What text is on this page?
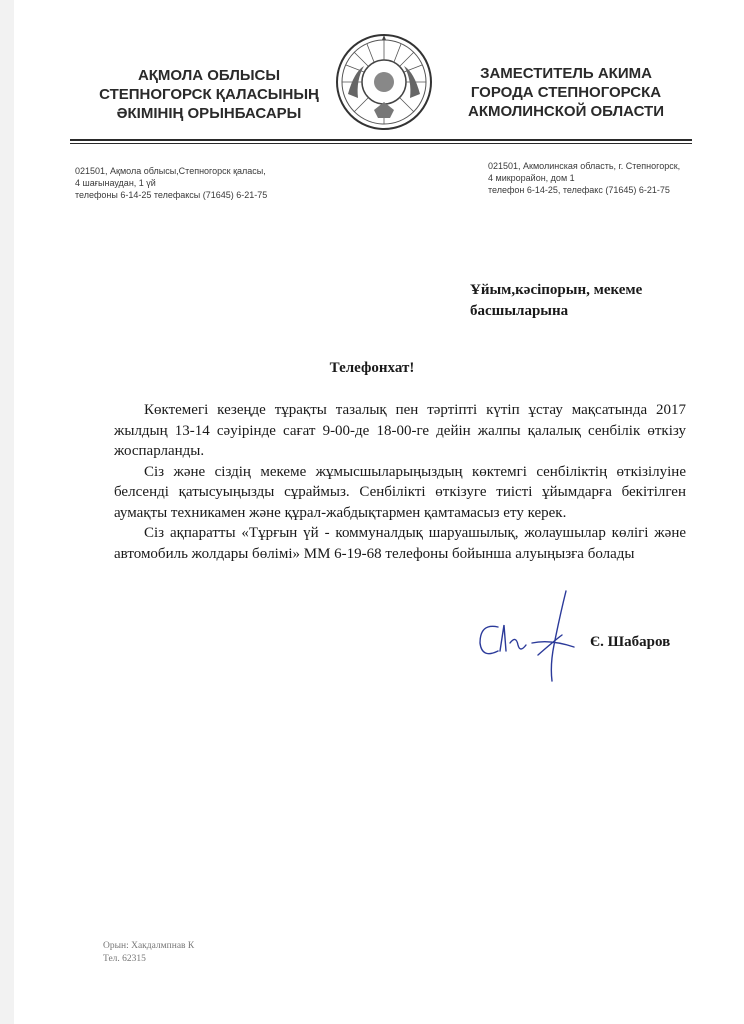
АҚМОЛА ОБЛЫСЫ
СТЕПНОГОРСК ҚАЛАСЫНЫҢ
ӘКІМІНІҢ ОРЫНБАСАРЫ
ЗАМЕСТИТЕЛЬ АКИМА
ГОРОДА СТЕПНОГОРСКА
АКМОЛИНСКОЙ ОБЛАСТИ
021501, Ақмола облысы,Степногорск қаласы,
4 шағынаудан, 1 үй
телефоны 6-14-25 телефаксы (71645) 6-21-75
021501, Акмолинская область, г. Степногорск,
4 микрорайон, дом 1
телефон 6-14-25, телефакс (71645) 6-21-75
Ұйым,кәсіпорын, мекеме
басшыларына
Телефонхат!

Көктемегі кезеңде тұрақты тазалық пен тәртіпті күтіп ұстау мақсатында 2017 жылдың 13-14 сәуірінде сағат 9-00-де 18-00-ге дейін жалпы қалалық сенбілік өткізу жоспарланды.

Сіз және сіздің мекеме жұмысшыларыңыздың көктемгі сенбіліктің өткізілуіне белсенді қатысуыңызды сұраймыз. Сенбілікті өткізуге тиісті ұйымдарға бекітілген аумақты техникамен және құрал-жабдықтармен қамтамасыз ету керек.

Сіз ақпаратты «Тұрғын үй - коммуналдық шаруашылық, жолаушылар көлігі және автомобиль жолдары бөлімі» ММ 6-19-68 телефоны бойынша алуыңызға болады

Є. Шабаров
Орын: Хакдалмпнав К
Тел. 62315
